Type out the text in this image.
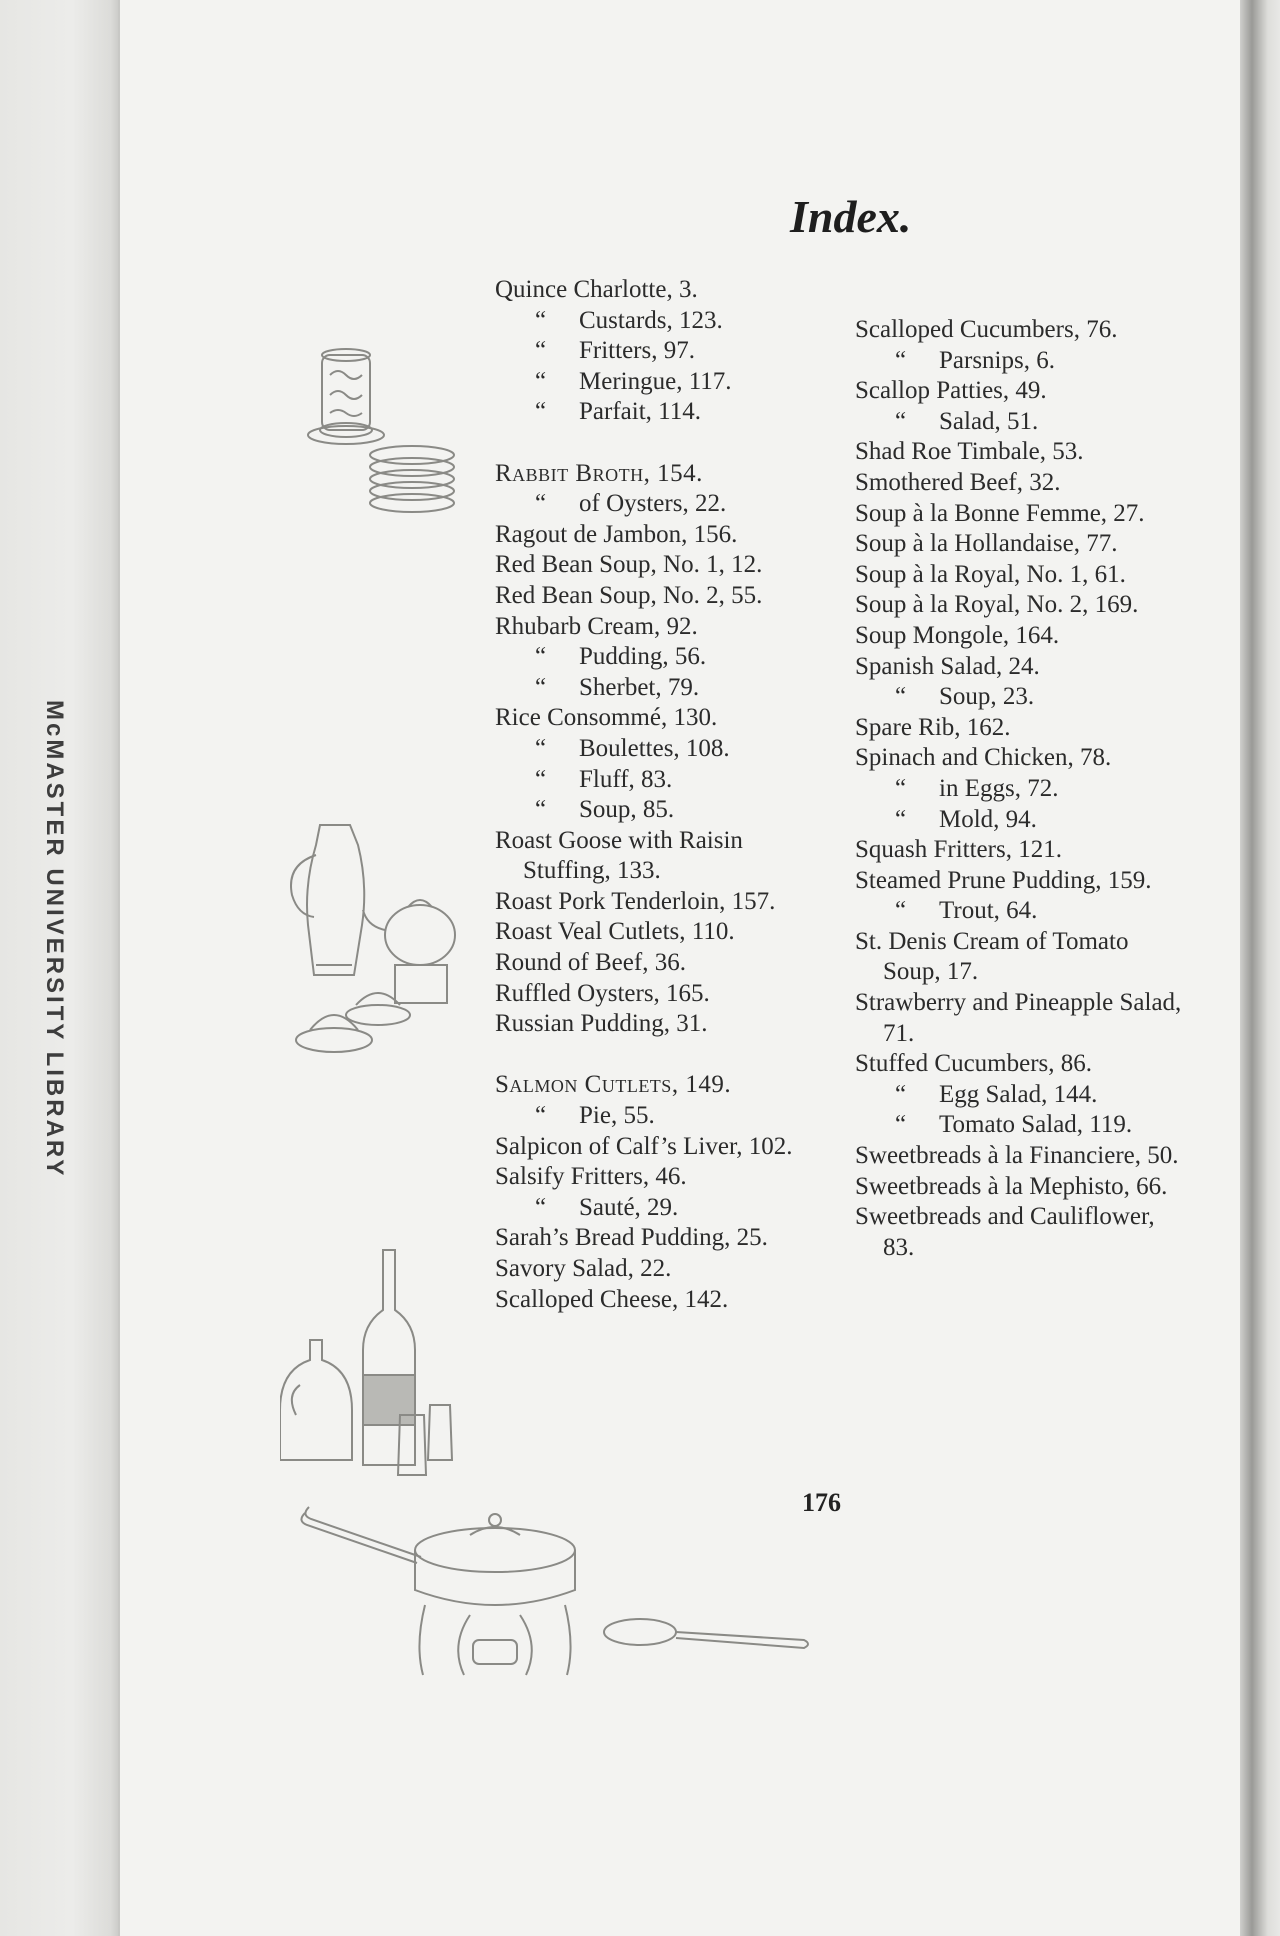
McMASTER UNIVERSITY LIBRARY
Index.

Quince Charlotte, 3.

“ Custards, 123.

“ Fritters, 97.

“ Meringue, 117.

“ Parfait, 114.

Rabbit Broth, 154.

“ of Oysters, 22.

Ragout de Jambon, 156.

Red Bean Soup, No. 1, 12.

Red Bean Soup, No. 2, 55.

Rhubarb Cream, 92.

“ Pudding, 56.

“ Sherbet, 79.

Rice Consommé, 130.

“ Boulettes, 108.

“ Fluff, 83.

“ Soup, 85.

Roast Goose with Raisin Stuffing, 133.

Roast Pork Tenderloin, 157.

Roast Veal Cutlets, 110.

Round of Beef, 36.

Ruffled Oysters, 165.

Russian Pudding, 31.

Salmon Cutlets, 149.

“ Pie, 55.

Salpicon of Calf’s Liver, 102.

Salsify Fritters, 46.

“ Sauté, 29.

Sarah’s Bread Pudding, 25.

Savory Salad, 22.

Scalloped Cheese, 142.

Scalloped Cucumbers, 76.

“ Parsnips, 6.

Scallop Patties, 49.

“ Salad, 51.

Shad Roe Timbale, 53.

Smothered Beef, 32.

Soup à la Bonne Femme, 27.

Soup à la Hollandaise, 77.

Soup à la Royal, No. 1, 61.

Soup à la Royal, No. 2, 169.

Soup Mongole, 164.

Spanish Salad, 24.

“ Soup, 23.

Spare Rib, 162.

Spinach and Chicken, 78.

“ in Eggs, 72.

“ Mold, 94.

Squash Fritters, 121.

Steamed Prune Pudding, 159.

“ Trout, 64.

St. Denis Cream of Tomato Soup, 17.

Strawberry and Pineapple Salad, 71.

Stuffed Cucumbers, 86.

“ Egg Salad, 144.

“ Tomato Salad, 119.

Sweetbreads à la Financiere, 50.

Sweetbreads à la Mephisto, 66.

Sweetbreads and Cauliflower, 83.

176
